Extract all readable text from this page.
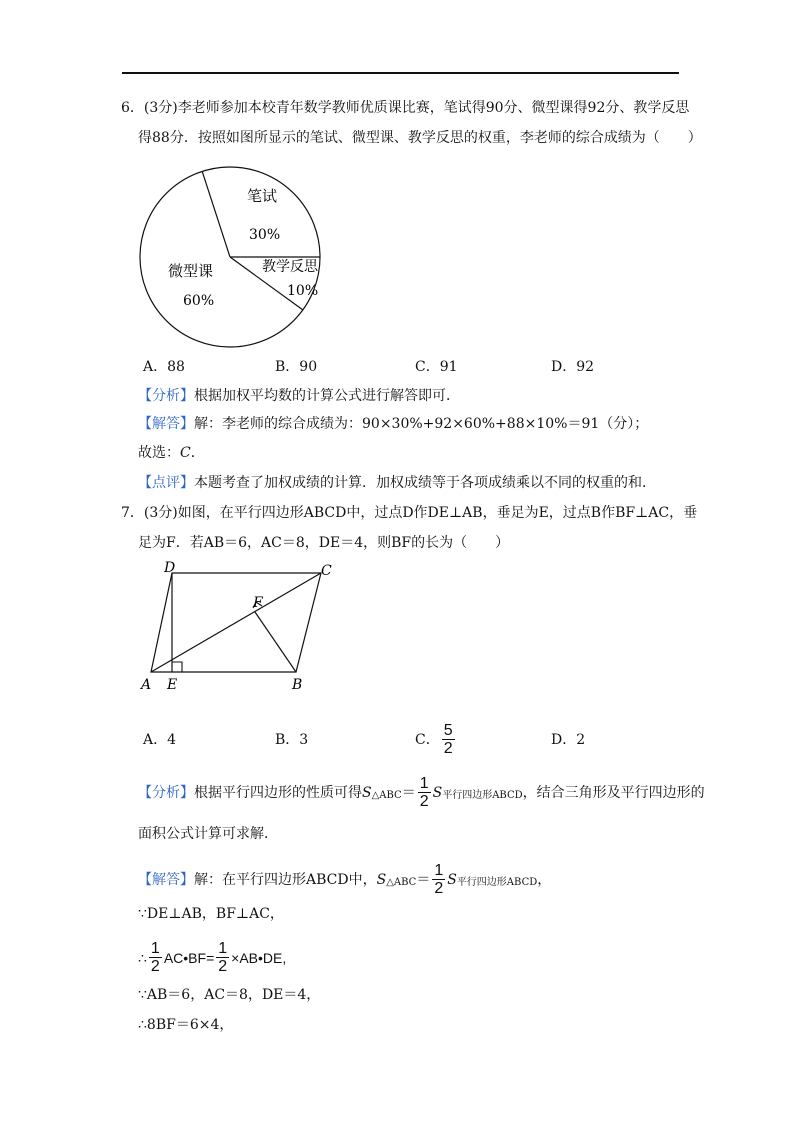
6．(3分)李老师参加本校青年数学教师优质课比赛，笔试得90分、微型课得92分、教学反思
得88分．按照如图所显示的笔试、微型课、教学反思的权重，李老师的综合成绩为（　　）
笔试
30%
教学反思
10%
微型课
60%
A．88	B．90	C．91	D．92
【分析】根据加权平均数的计算公式进行解答即可．
【解答】解：李老师的综合成绩为：90×30%+92×60%+88×10%＝91（分）；
故选：C．
【点评】本题考查了加权成绩的计算．加权成绩等于各项成绩乘以不同的权重的和．
7．(3分)如图，在平行四边形ABCD中，过点D作DE⊥AB，垂足为E，过点B作BF⊥AC，垂
足为F．若AB＝6，AC＝8，DE＝4，则BF的长为（　　）
D	C
F
A E	B
A．4	B．3	C． $\frac{5}{2}$	D．2
【分析】 根据平行四边形的性质可得 S △ABC ＝ $\frac{1}{2}$ S 平行四边形ABCD ，结合三角形及平行四边形的
面积公式计算可求解．
【解答】 解：在平行四边形ABCD中， S △ABC ＝ $\frac{1}{2}$ S 平行四边形ABCD ，
∵DE⊥AB，BF⊥AC，
∴ $\frac{1}{2}$ AC•BF= $\frac{1}{2}$ ×AB•DE,
∵AB＝6，AC＝8，DE＝4，
∴8BF＝6×4，
